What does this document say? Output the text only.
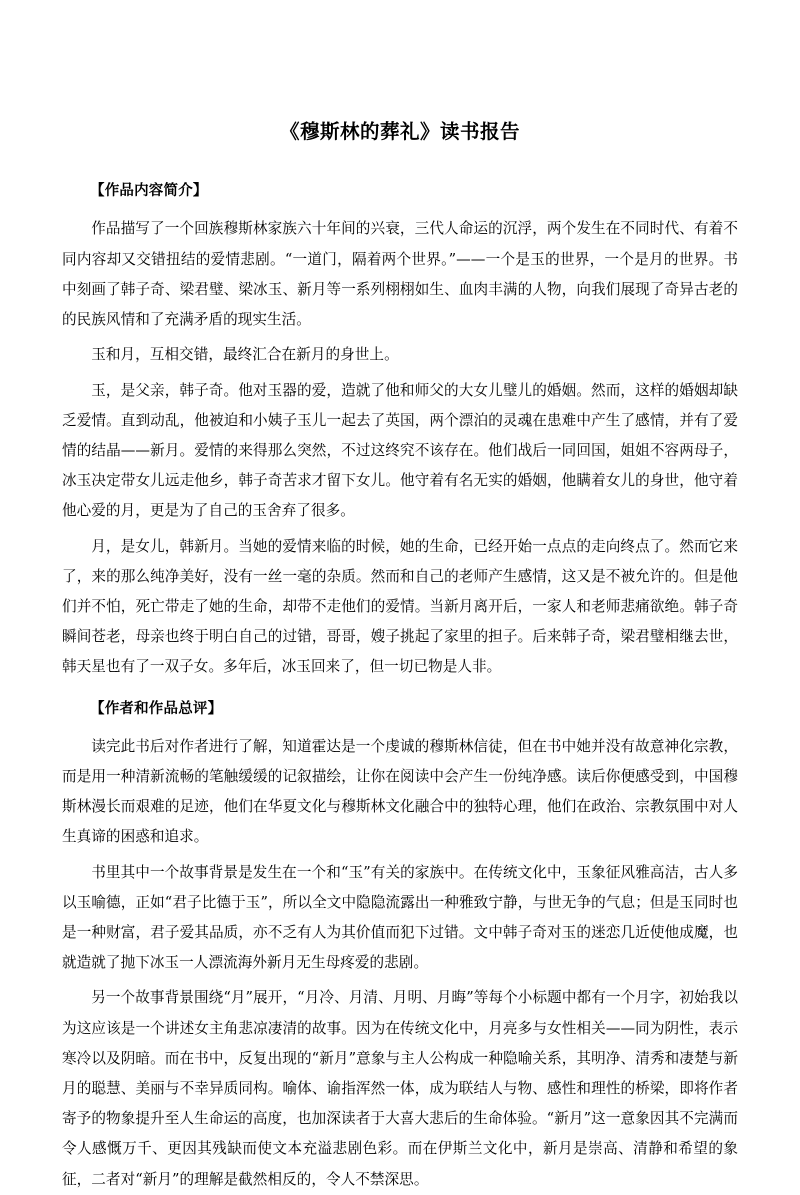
《穆斯林的葬礼》读书报告
【作品内容简介】

作品描写了一个回族穆斯林家族六十年间的兴衰，三代人命运的沉浮，两个发生在不同时代、有着不同内容却又交错扭结的爱情悲剧。“一道门，隔着两个世界。”——一个是玉的世界，一个是月的世界。书中刻画了韩子奇、梁君璧、梁冰玉、新月等一系列栩栩如生、血肉丰满的人物，向我们展现了奇异古老的的民族风情和了充满矛盾的现实生活。

玉和月，互相交错，最终汇合在新月的身世上。

玉，是父亲，韩子奇。他对玉器的爱，造就了他和师父的大女儿璧儿的婚姻。然而，这样的婚姻却缺乏爱情。直到动乱，他被迫和小姨子玉儿一起去了英国，两个漂泊的灵魂在患难中产生了感情，并有了爱情的结晶——新月。爱情的来得那么突然，不过这终究不该存在。他们战后一同回国，姐姐不容两母子，冰玉决定带女儿远走他乡，韩子奇苦求才留下女儿。他守着有名无实的婚姻，他瞒着女儿的身世，他守着他心爱的月，更是为了自己的玉舍弃了很多。

月，是女儿，韩新月。当她的爱情来临的时候，她的生命，已经开始一点点的走向终点了。然而它来了，来的那么纯净美好，没有一丝一毫的杂质。然而和自己的老师产生感情，这又是不被允许的。但是他们并不怕，死亡带走了她的生命，却带不走他们的爱情。当新月离开后，一家人和老师悲痛欲绝。韩子奇瞬间苍老，母亲也终于明白自己的过错，哥哥，嫂子挑起了家里的担子。后来韩子奇，梁君璧相继去世，韩天星也有了一双子女。多年后，冰玉回来了，但一切已物是人非。

【作者和作品总评】

读完此书后对作者进行了解，知道霍达是一个虔诚的穆斯林信徒，但在书中她并没有故意神化宗教，而是用一种清新流畅的笔触缓缓的记叙描绘，让你在阅读中会产生一份纯净感。读后你便感受到，中国穆斯林漫长而艰难的足迹，他们在华夏文化与穆斯林文化融合中的独特心理，他们在政治、宗教氛围中对人生真谛的困惑和追求。

书里其中一个故事背景是发生在一个和“玉”有关的家族中。在传统文化中，玉象征风雅高洁，古人多以玉喻德，正如“君子比德于玉”，所以全文中隐隐流露出一种雅致宁静，与世无争的气息；但是玉同时也是一种财富，君子爱其品质，亦不乏有人为其价值而犯下过错。文中韩子奇对玉的迷恋几近使他成魔，也就造就了抛下冰玉一人漂流海外新月无生母疼爱的悲剧。

另一个故事背景围绕“月”展开，“月冷、月清、月明、月晦”等每个小标题中都有一个月字，初始我以为这应该是一个讲述女主角悲凉凄清的故事。因为在传统文化中，月亮多与女性相关——同为阴性，表示寒冷以及阴暗。而在书中，反复出现的“新月”意象与主人公构成一种隐喻关系，其明净、清秀和凄楚与新月的聪慧、美丽与不幸异质同构。喻体、谕指浑然一体，成为联结人与物、感性和理性的桥梁，即将作者寄予的物象提升至人生命运的高度，也加深读者于大喜大悲后的生命体验。“新月”这一意象因其不完满而令人感慨万千、更因其残缺而使文本充溢悲剧色彩。而在伊斯兰文化中，新月是崇高、清静和希望的象征，二者对“新月”的理解是截然相反的，令人不禁深思。
